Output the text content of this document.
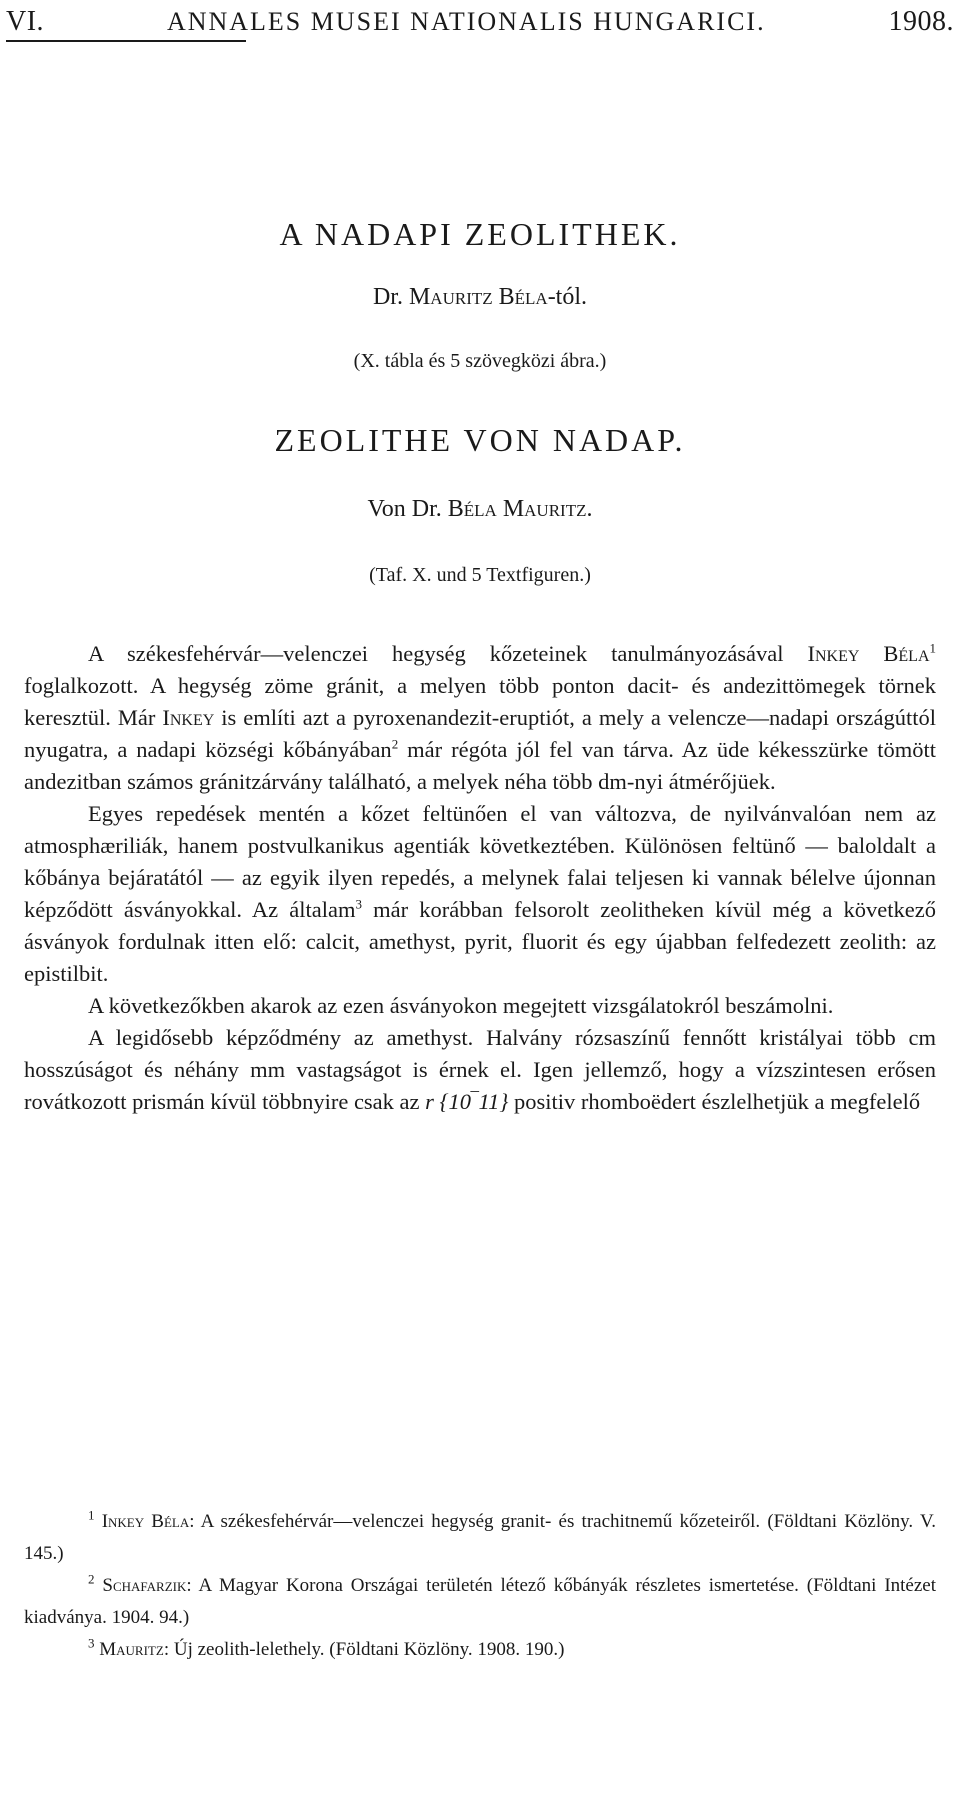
VI.	ANNALES MUSEI NATIONALIS HUNGARICI.	1908.
A NADAPI ZEOLITHEK.
Dr. Mauritz Béla-tól.
(X. tábla és 5 szövegközi ábra.)
ZEOLITHE VON NADAP.
Von Dr. Béla Mauritz.
(Taf. X. und 5 Textfiguren.)

A székesfehérvár—velenczei hegység kőzeteinek tanulmányozásával Inkey Béla$^1$ foglalkozott. A hegység zöme gránit, a melyen több ponton dacit- és andezittömegek törnek keresztül. Már Inkey is említi azt a pyroxenandezit-eruptiót, a mely a velencze—nadapi országúttól nyugatra, a nadapi községi kőbányában$^2$ már régóta jól fel van tárva. Az üde kékesszürke tömött andezitban számos gránitzárvány található, a melyek néha több dm-nyi átmérőjüek.

Egyes repedések mentén a kőzet feltünően el van változva, de nyilvánvalóan nem az atmosphæriliák, hanem postvulkanikus agentiák következtében. Különösen feltünő — baloldalt a kőbánya bejáratától — az egyik ilyen repedés, a melynek falai teljesen ki vannak bélelve újonnan képződött ásványokkal. Az általam$^3$ már korábban felsorolt zeolitheken kívül még a következő ásványok fordulnak itten elő: calcit, amethyst, pyrit, fluorit és egy újabban felfedezett zeolith: az epistilbit.

A következőkben akarok az ezen ásványokon megejtett vizsgálatokról beszámolni.

A legidősebb képződmény az amethyst. Halvány rózsaszínű fennőtt kristályai több cm hosszúságot és néhány mm vastagságot is érnek el. Igen jellemző, hogy a vízszintesen erősen rovátkozott prismán kívül többnyire csak az r {10‾11} positiv rhomboëdert észlelhetjük a megfelelő

$^1$ Inkey Béla: A székesfehérvár—velenczei hegység granit- és trachitnemű kőzeteiről. (Földtani Közlöny. V. 145.)

$^2$ Schafarzik: A Magyar Korona Országai területén létező kőbányák részletes ismertetése. (Földtani Intézet kiadványa. 1904. 94.)

$^3$ Mauritz: Új zeolith-lelethely. (Földtani Közlöny. 1908. 190.)
